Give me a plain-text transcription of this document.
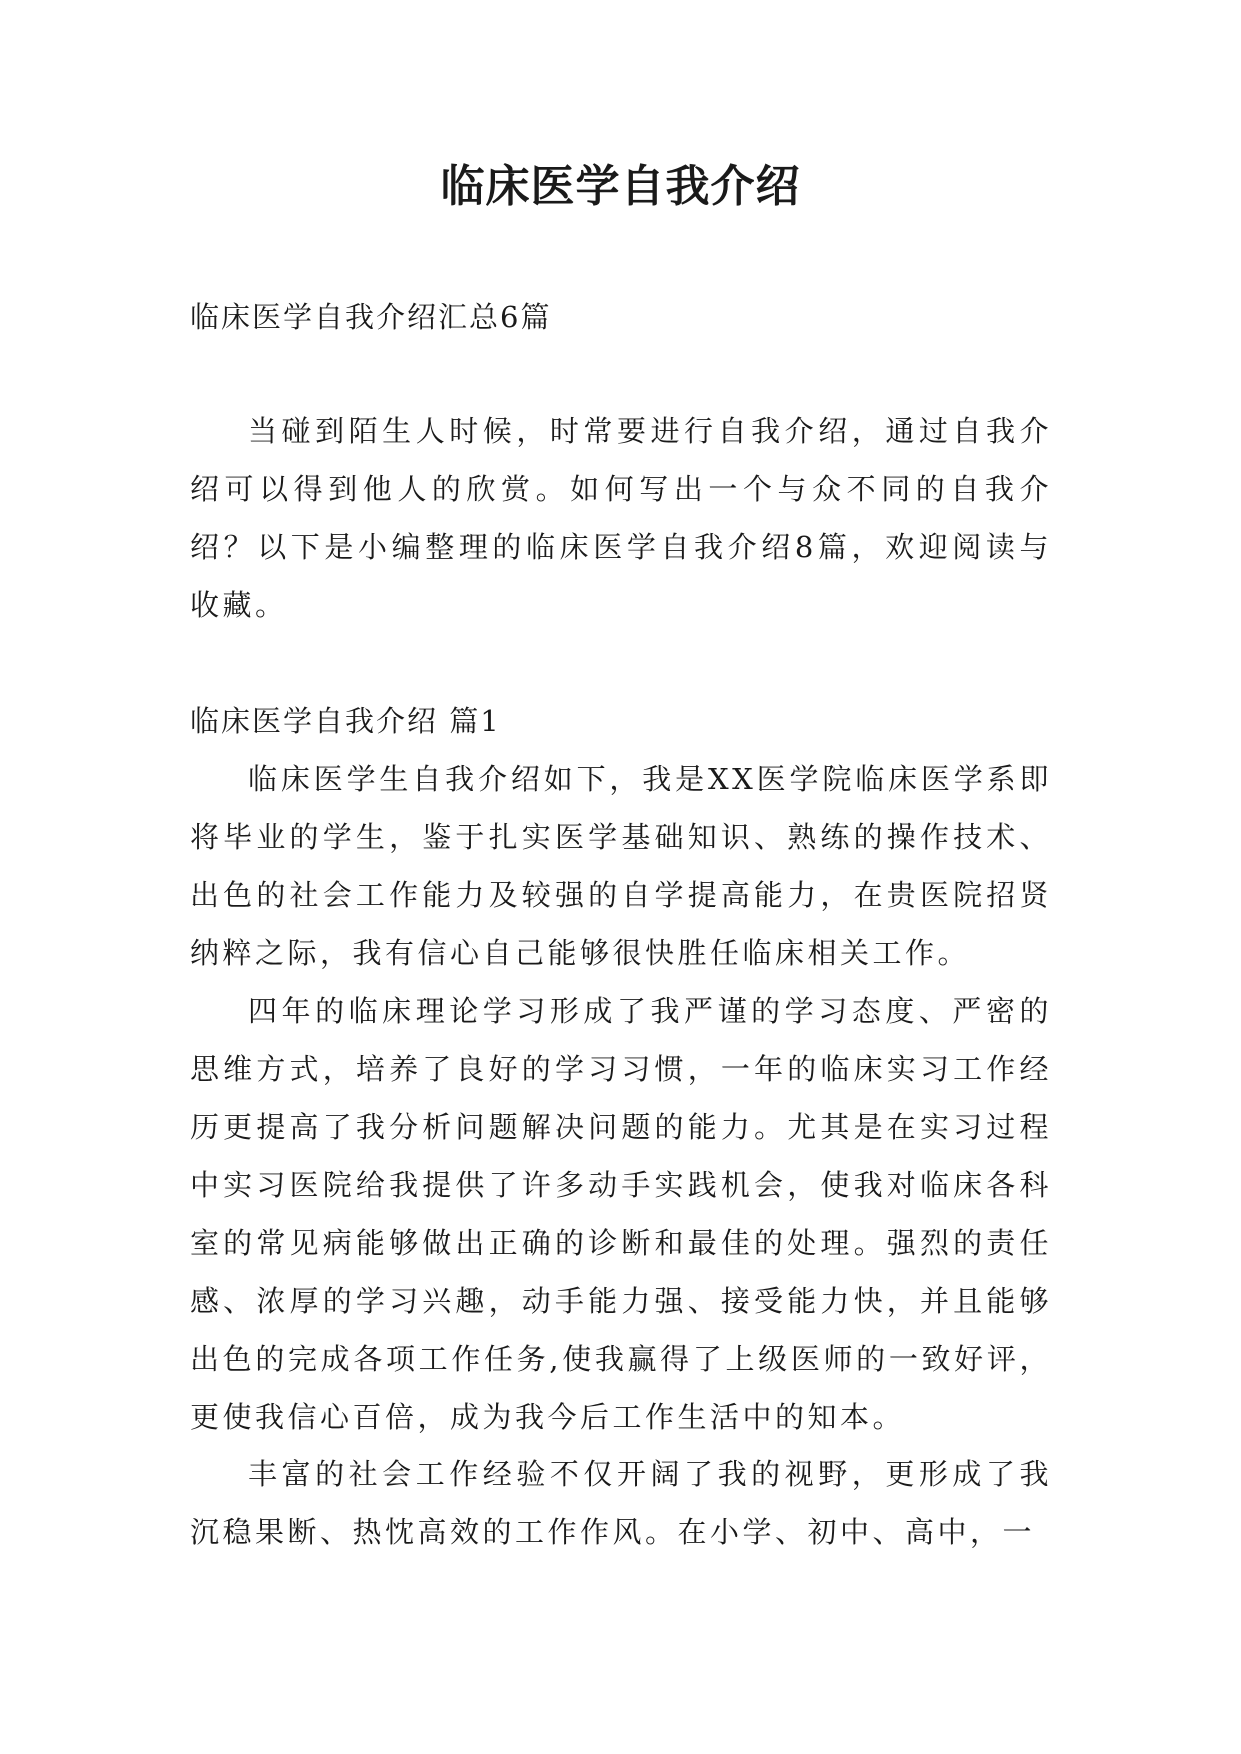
临床医学自我介绍

临床医学自我介绍汇总6篇

当碰到陌生人时候，时常要进行自我介绍，通过自我介绍可以得到他人的欣赏。如何写出一个与众不同的自我介绍？以下是小编整理的临床医学自我介绍8篇，欢迎阅读与收藏。

临床医学自我介绍 篇1

临床医学生自我介绍如下，我是XX医学院临床医学系即将毕业的学生，鉴于扎实医学基础知识、熟练的操作技术、出色的社会工作能力及较强的自学提高能力，在贵医院招贤纳粹之际，我有信心自己能够很快胜任临床相关工作。

四年的临床理论学习形成了我严谨的学习态度、严密的思维方式，培养了良好的学习习惯，一年的临床实习工作经历更提高了我分析问题解决问题的能力。尤其是在实习过程中实习医院给我提供了许多动手实践机会，使我对临床各科室的常见病能够做出正确的诊断和最佳的处理。强烈的责任感、浓厚的学习兴趣，动手能力强、接受能力快，并且能够出色的完成各项工作任务,使我赢得了上级医师的一致好评，更使我信心百倍，成为我今后工作生活中的知本。

丰富的社会工作经验不仅开阔了我的视野，更形成了我沉稳果断、热忱高效的工作作风。在小学、初中、高中，一
